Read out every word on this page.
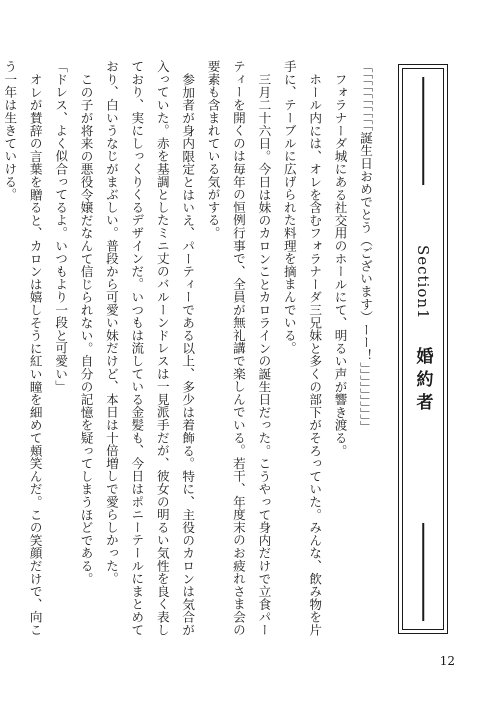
Section1
婚約者

「「「「「「「「「「誕生日おめでとう（ございます）ーー！」」」」」」」」」」

フォラナーダ城にある社交用のホールにて、明るい声が響き渡る。

ホール内には、オレを含むフォラナーダ三兄妹と多くの部下がそろっていた。みんな、飲み物を片手に、テーブルに広げられた料理を摘まんでいる。

三月二十六日。今日は妹のカロンことカロラインの誕生日だった。こうやって身内だけで立食パーティーを開くのは毎年の恒例行事で、全員が無礼講で楽しんでいる。若干、年度末のお疲れさま会の要素も含まれている気がする。

参加者が身内限定とはいえ、パーティーである以上、多少は着飾る。特に、主役のカロンは気合が入っていた。赤を基調としたミニ丈のバルーンドレスは一見派手だが、彼女の明るい気性を良く表しており、実にしっくりくるデザインだ。いつもは流している金髪も、今日はポニーテールにまとめており、白いうなじがまぶしい。普段から可愛い妹だけど、本日は十倍増しで愛らしかった。

この子が将来の悪役令嬢だなんて信じられない。自分の記憶を疑ってしまうほどである。

「ドレス、よく似合ってるよ。いつもより一段と可愛い」

オレが賛辞の言葉を贈ると、カロンは嬉しそうに紅い瞳を細めて頬笑んだ。この笑顔だけで、向こう一年は生きていける。

12
